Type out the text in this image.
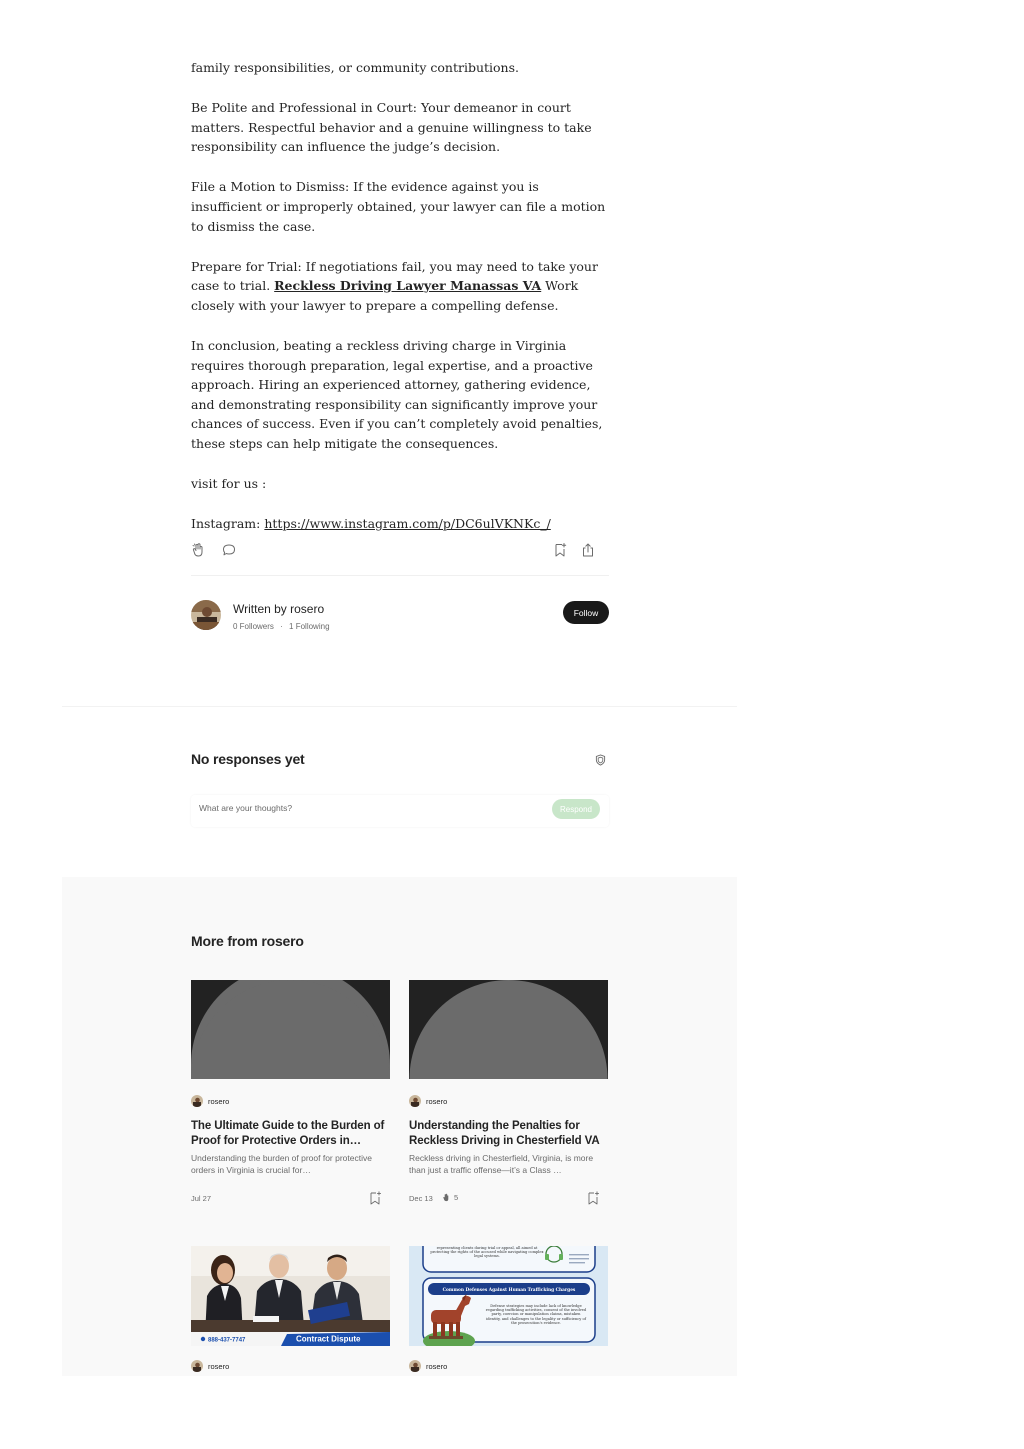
family responsibilities, or community contributions.

Be Polite and Professional in Court: Your demeanor in court matters. Respectful behavior and a genuine willingness to take responsibility can influence the judge’s decision.

File a Motion to Dismiss: If the evidence against you is insufficient or improperly obtained, your lawyer can file a motion to dismiss the case.

Prepare for Trial: If negotiations fail, you may need to take your case to trial. Reckless Driving Lawyer Manassas VA Work closely with your lawyer to prepare a compelling defense.

In conclusion, beating a reckless driving charge in Virginia requires thorough preparation, legal expertise, and a proactive approach. Hiring an experienced attorney, gathering evidence, and demonstrating responsibility can significantly improve your chances of success. Even if you can’t completely avoid penalties, these steps can help mitigate the consequences.

visit for us :

Instagram: https://www.instagram.com/p/DC6ulVKNKc_/

Written by rosero
0 Followers · 1 Following
Follow
No responses yet
What are your thoughts?
Respond
More from rosero
rosero
The Ultimate Guide to the Burden of Proof for Protective Orders in…
Understanding the burden of proof for protective orders in Virginia is crucial for…
Jul 27
rosero
Understanding the Penalties for Reckless Driving in Chesterfield VA
Reckless driving in Chesterfield, Virginia, is more than just a traffic offense—it’s a Class …
Dec 13	5
888-437-7747	Contract Dispute
rosero
representing clients during trial or appeal, all aimed at protecting the rights of the accused while navigating complex legal systems.
Common Defenses Against Human Trafficking Charges
Defense strategies may include lack of knowledge regarding trafficking activities, consent of the involved party, coercion or manipulation claims, mistaken identity, and challenges to the legality or sufficiency of the prosecution's evidence.
rosero
